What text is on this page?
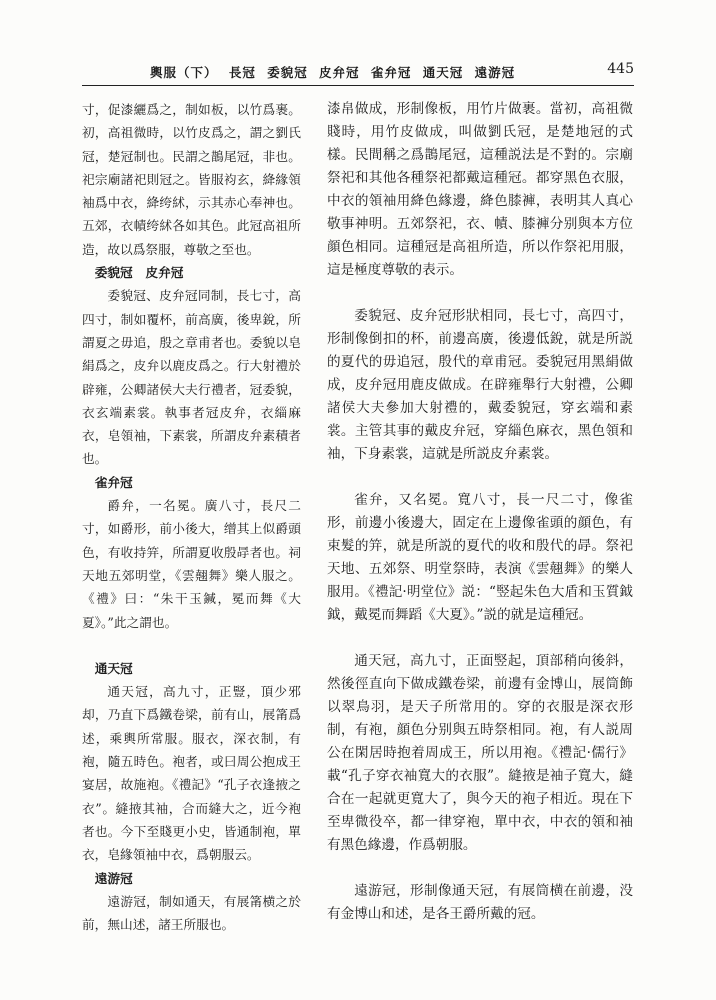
輿服（下） 長冠 委貌冠 皮弁冠 雀弁冠 通天冠 遠游冠	445

寸，促漆纚爲之，制如板，以竹爲裹。初，高祖微時，以竹皮爲之，謂之劉氏冠，楚冠制也。民謂之鵲尾冠，非也。祀宗廟諸祀則冠之。皆服袀玄，絳緣領袖爲中衣，絳绔絉，示其赤心奉神也。五郊，衣幘绔絉各如其色。此冠高祖所造，故以爲祭服，尊敬之至也。

委貌冠　皮弁冠

委貌冠、皮弁冠同制，長七寸，高四寸，制如覆杯，前高廣，後卑銳，所謂夏之毋追，殷之章甫者也。委貌以皂絹爲之，皮弁以鹿皮爲之。行大射禮於辟雍，公卿諸侯大夫行禮者，冠委貌，衣玄端素裳。執事者冠皮弁，衣緇麻衣，皂領袖，下素裳，所謂皮弁素積者也。

雀弁冠

爵弁，一名冕。廣八寸，長尺二寸，如爵形，前小後大，缯其上似爵頭色，有收持笄，所謂夏收殷冔者也。祠天地五郊明堂，《雲翹舞》樂人服之。《禮》曰：“朱干玉鍼，冕而舞《大夏》。”此之謂也。

通天冠

通天冠，高九寸，正豎，頂少邪却，乃直下爲鐵卷梁，前有山，展筩爲述，乘輿所常服。服衣，深衣制，有袍，隨五時色。袍者，或曰周公抱成王宴居，故施袍。《禮記》“孔子衣逢掖之衣”。縫掖其袖，合而縫大之，近今袍者也。今下至賤更小史，皆通制袍，單衣，皂緣領袖中衣，爲朝服云。

遠游冠

遠游冠，制如通天，有展筩横之於前，無山述，諸王所服也。

漆帛做成，形制像板，用竹片做裹。當初，高祖微賤時，用竹皮做成，叫做劉氏冠，是楚地冠的式樣。民間稱之爲鵲尾冠，這種説法是不對的。宗廟祭祀和其他各種祭祀都戴這種冠。都穿黑色衣服，中衣的領袖用絳色緣邊，絳色膝褲，表明其人真心敬事神明。五郊祭祀，衣、幘、膝褲分别與本方位顔色相同。這種冠是高祖所造，所以作祭祀用服，這是極度尊敬的表示。

委貌冠、皮弁冠形狀相同，長七寸，高四寸，形制像倒扣的杯，前邊高廣，後邊低銳，就是所説的夏代的毋追冠，殷代的章甫冠。委貌冠用黑絹做成，皮弁冠用鹿皮做成。在辟雍舉行大射禮，公卿諸侯大夫參加大射禮的，戴委貌冠，穿玄端和素裳。主管其事的戴皮弁冠，穿緇色麻衣，黑色領和袖，下身素裳，這就是所説皮弁素裳。

雀弁，又名冕。寬八寸，長一尺二寸，像雀形，前邊小後邊大，固定在上邊像雀頭的顔色，有束髮的笄，就是所説的夏代的收和殷代的冔。祭祀天地、五郊祭、明堂祭時，表演《雲翹舞》的樂人服用。《禮記·明堂位》説：“竪起朱色大盾和玉質鉞鉞，戴冕而舞蹈《大夏》。”説的就是這種冠。

通天冠，高九寸，正面竪起，頂部稍向後斜，然後徑直向下做成鐵卷梁，前邊有金博山，展筒飾以翠鳥羽，是天子所常用的。穿的衣服是深衣形制，有袍，顔色分别與五時祭相同。袍，有人説周公在閑居時抱着周成王，所以用袍。《禮記·儒行》載“孔子穿衣袖寬大的衣服”。縫掖是袖子寬大，縫合在一起就更寬大了，與今天的袍子相近。現在下至卑微役卒，都一律穿袍，單中衣，中衣的領和袖有黑色緣邊，作爲朝服。

遠游冠，形制像通天冠，有展筒横在前邊，没有金博山和述，是各王爵所戴的冠。
